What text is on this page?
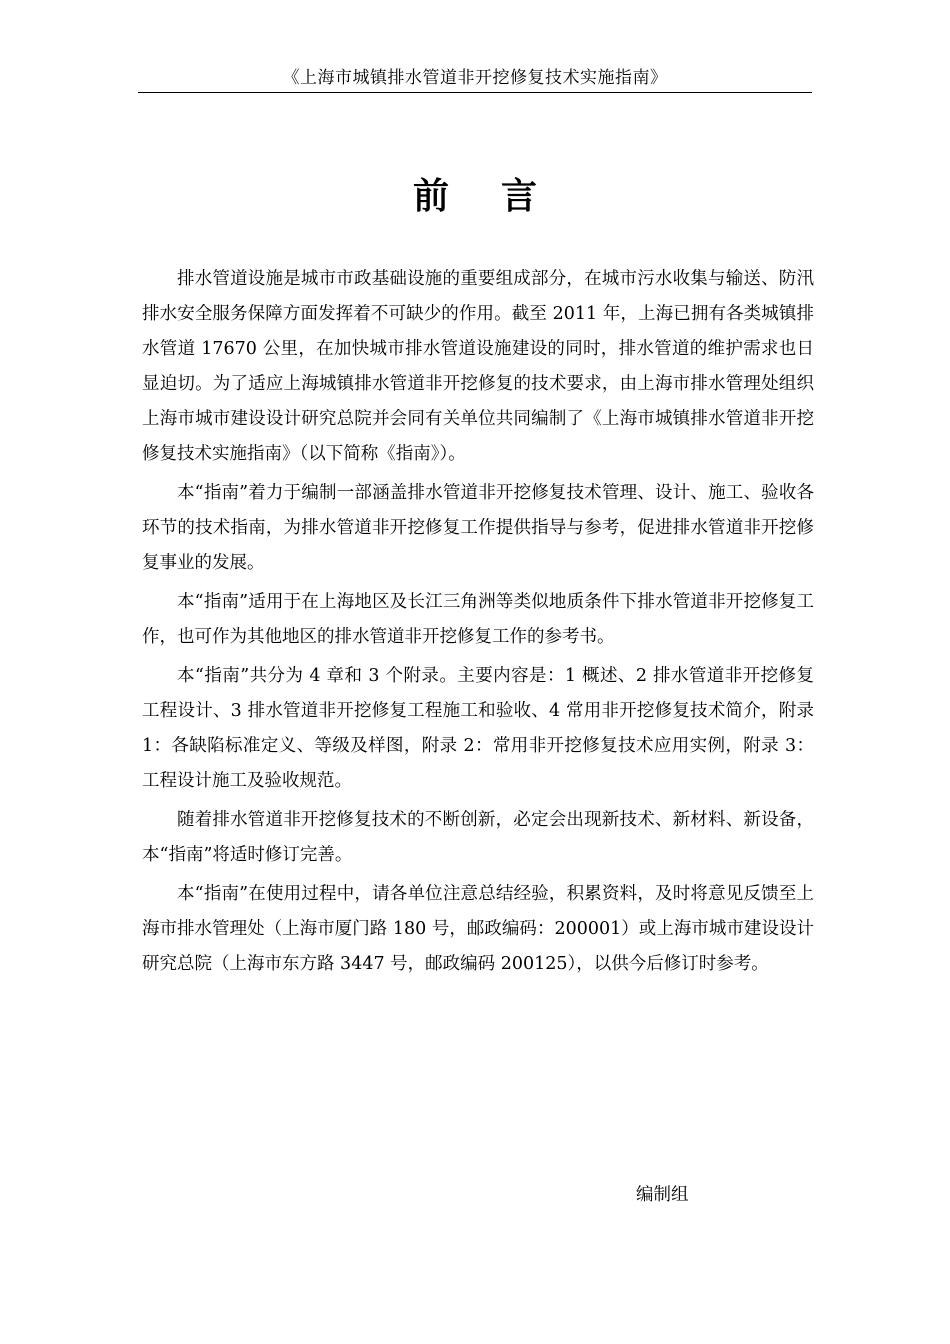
《上海市城镇排水管道非开挖修复技术实施指南》
前 言

排水管道设施是城市市政基础设施的重要组成部分，在城市污水收集与输送、防汛排水安全服务保障方面发挥着不可缺少的作用。截至 2011 年，上海已拥有各类城镇排水管道 17670 公里，在加快城市排水管道设施建设的同时，排水管道的维护需求也日显迫切。为了适应上海城镇排水管道非开挖修复的技术要求，由上海市排水管理处组织上海市城市建设设计研究总院并会同有关单位共同编制了《上海市城镇排水管道非开挖修复技术实施指南》（以下简称《指南》）。

本“指南”着力于编制一部涵盖排水管道非开挖修复技术管理、设计、施工、验收各环节的技术指南，为排水管道非开挖修复工作提供指导与参考，促进排水管道非开挖修复事业的发展。

本“指南”适用于在上海地区及长江三角洲等类似地质条件下排水管道非开挖修复工作，也可作为其他地区的排水管道非开挖修复工作的参考书。

本“指南”共分为 4 章和 3 个附录。主要内容是：1 概述、2 排水管道非开挖修复工程设计、3 排水管道非开挖修复工程施工和验收、4 常用非开挖修复技术简介，附录 1：各缺陷标准定义、等级及样图，附录 2：常用非开挖修复技术应用实例，附录 3：工程设计施工及验收规范。

随着排水管道非开挖修复技术的不断创新，必定会出现新技术、新材料、新设备，本“指南”将适时修订完善。

本“指南”在使用过程中，请各单位注意总结经验，积累资料，及时将意见反馈至上海市排水管理处（上海市厦门路 180 号，邮政编码：200001）或上海市城市建设设计研究总院（上海市东方路 3447 号，邮政编码 200125），以供今后修订时参考。

编制组
